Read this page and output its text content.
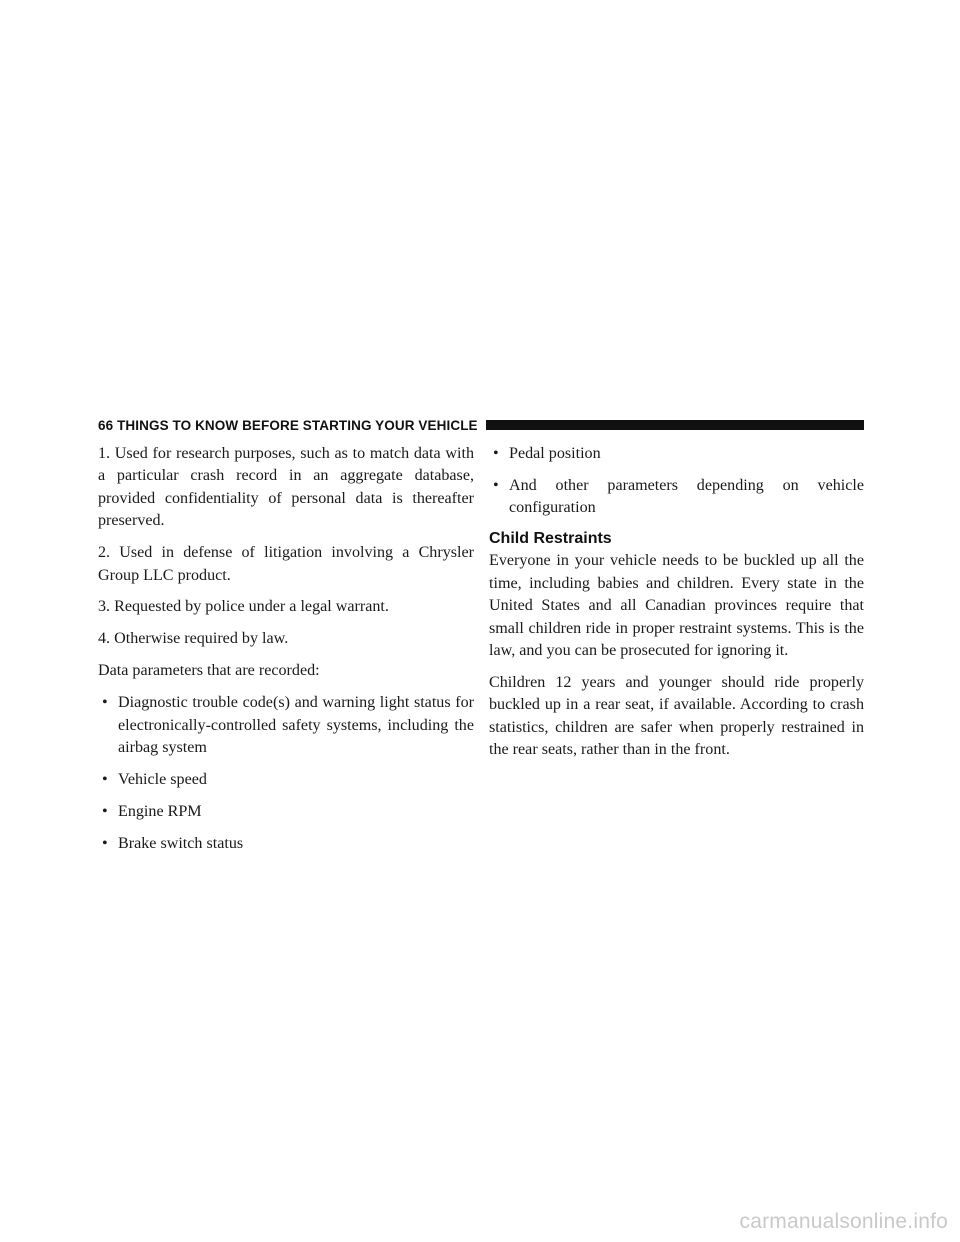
66 THINGS TO KNOW BEFORE STARTING YOUR VEHICLE

1. Used for research purposes, such as to match data with a particular crash record in an aggregate database, provided confidentiality of personal data is thereafter preserved.

2. Used in defense of litigation involving a Chrysler Group LLC product.

3. Requested by police under a legal warrant.

4. Otherwise required by law.

Data parameters that are recorded:

• Diagnostic trouble code(s) and warning light status for electronically-controlled safety systems, including the airbag system
• Vehicle speed
• Engine RPM
• Brake switch status
• Pedal position
• And other parameters depending on vehicle configuration
Child Restraints

Everyone in your vehicle needs to be buckled up all the time, including babies and children. Every state in the United States and all Canadian provinces require that small children ride in proper restraint systems. This is the law, and you can be prosecuted for ignoring it.

Children 12 years and younger should ride properly buckled up in a rear seat, if available. According to crash statistics, children are safer when properly restrained in the rear seats, rather than in the front.

carmanualsonline.info
